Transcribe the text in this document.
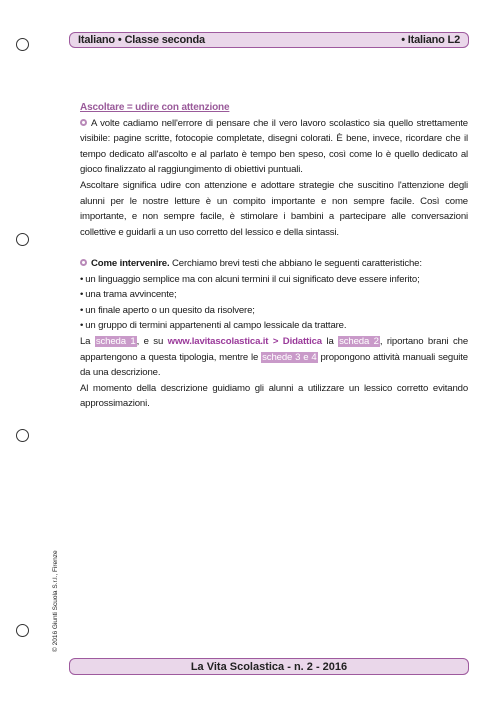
Italiano • Classe seconda	• Italiano L2
Ascoltare = udire con attenzione

A volte cadiamo nell'errore di pensare che il vero lavoro scolastico sia quello strettamente visibile: pagine scritte, fotocopie completate, disegni colorati. È bene, invece, ricordare che il tempo dedicato all'ascolto e al parlato è tempo ben speso, così come lo è quello dedicato al gioco finalizzato al raggiungimento di obiettivi puntuali.

Ascoltare significa udire con attenzione e adottare strategie che suscitino l'attenzione degli alunni per le nostre letture è un compito importante e non sempre facile. Così come importante, e non sempre facile, è stimolare i bambini a partecipare alle conversazioni collettive e guidarli a un uso corretto del lessico e della sintassi.

Come intervenire. Cerchiamo brevi testi che abbiano le seguenti caratteristiche:

• un linguaggio semplice ma con alcuni termini il cui significato deve essere inferito;
• una trama avvincente;
• un finale aperto o un quesito da risolvere;
• un gruppo di termini appartenenti al campo lessicale da trattare.

La scheda 1, e su www.lavitascolastica.it > Didattica la scheda 2, riportano brani che appartengono a questa tipologia, mentre le schede 3 e 4 propongono attività manuali seguite da una descrizione.

Al momento della descrizione guidiamo gli alunni a utilizzare un lessico corretto evitando approssimazioni.

© 2016 Giunti Scuola S.r.l., Firenze
La Vita Scolastica - n. 2 - 2016
